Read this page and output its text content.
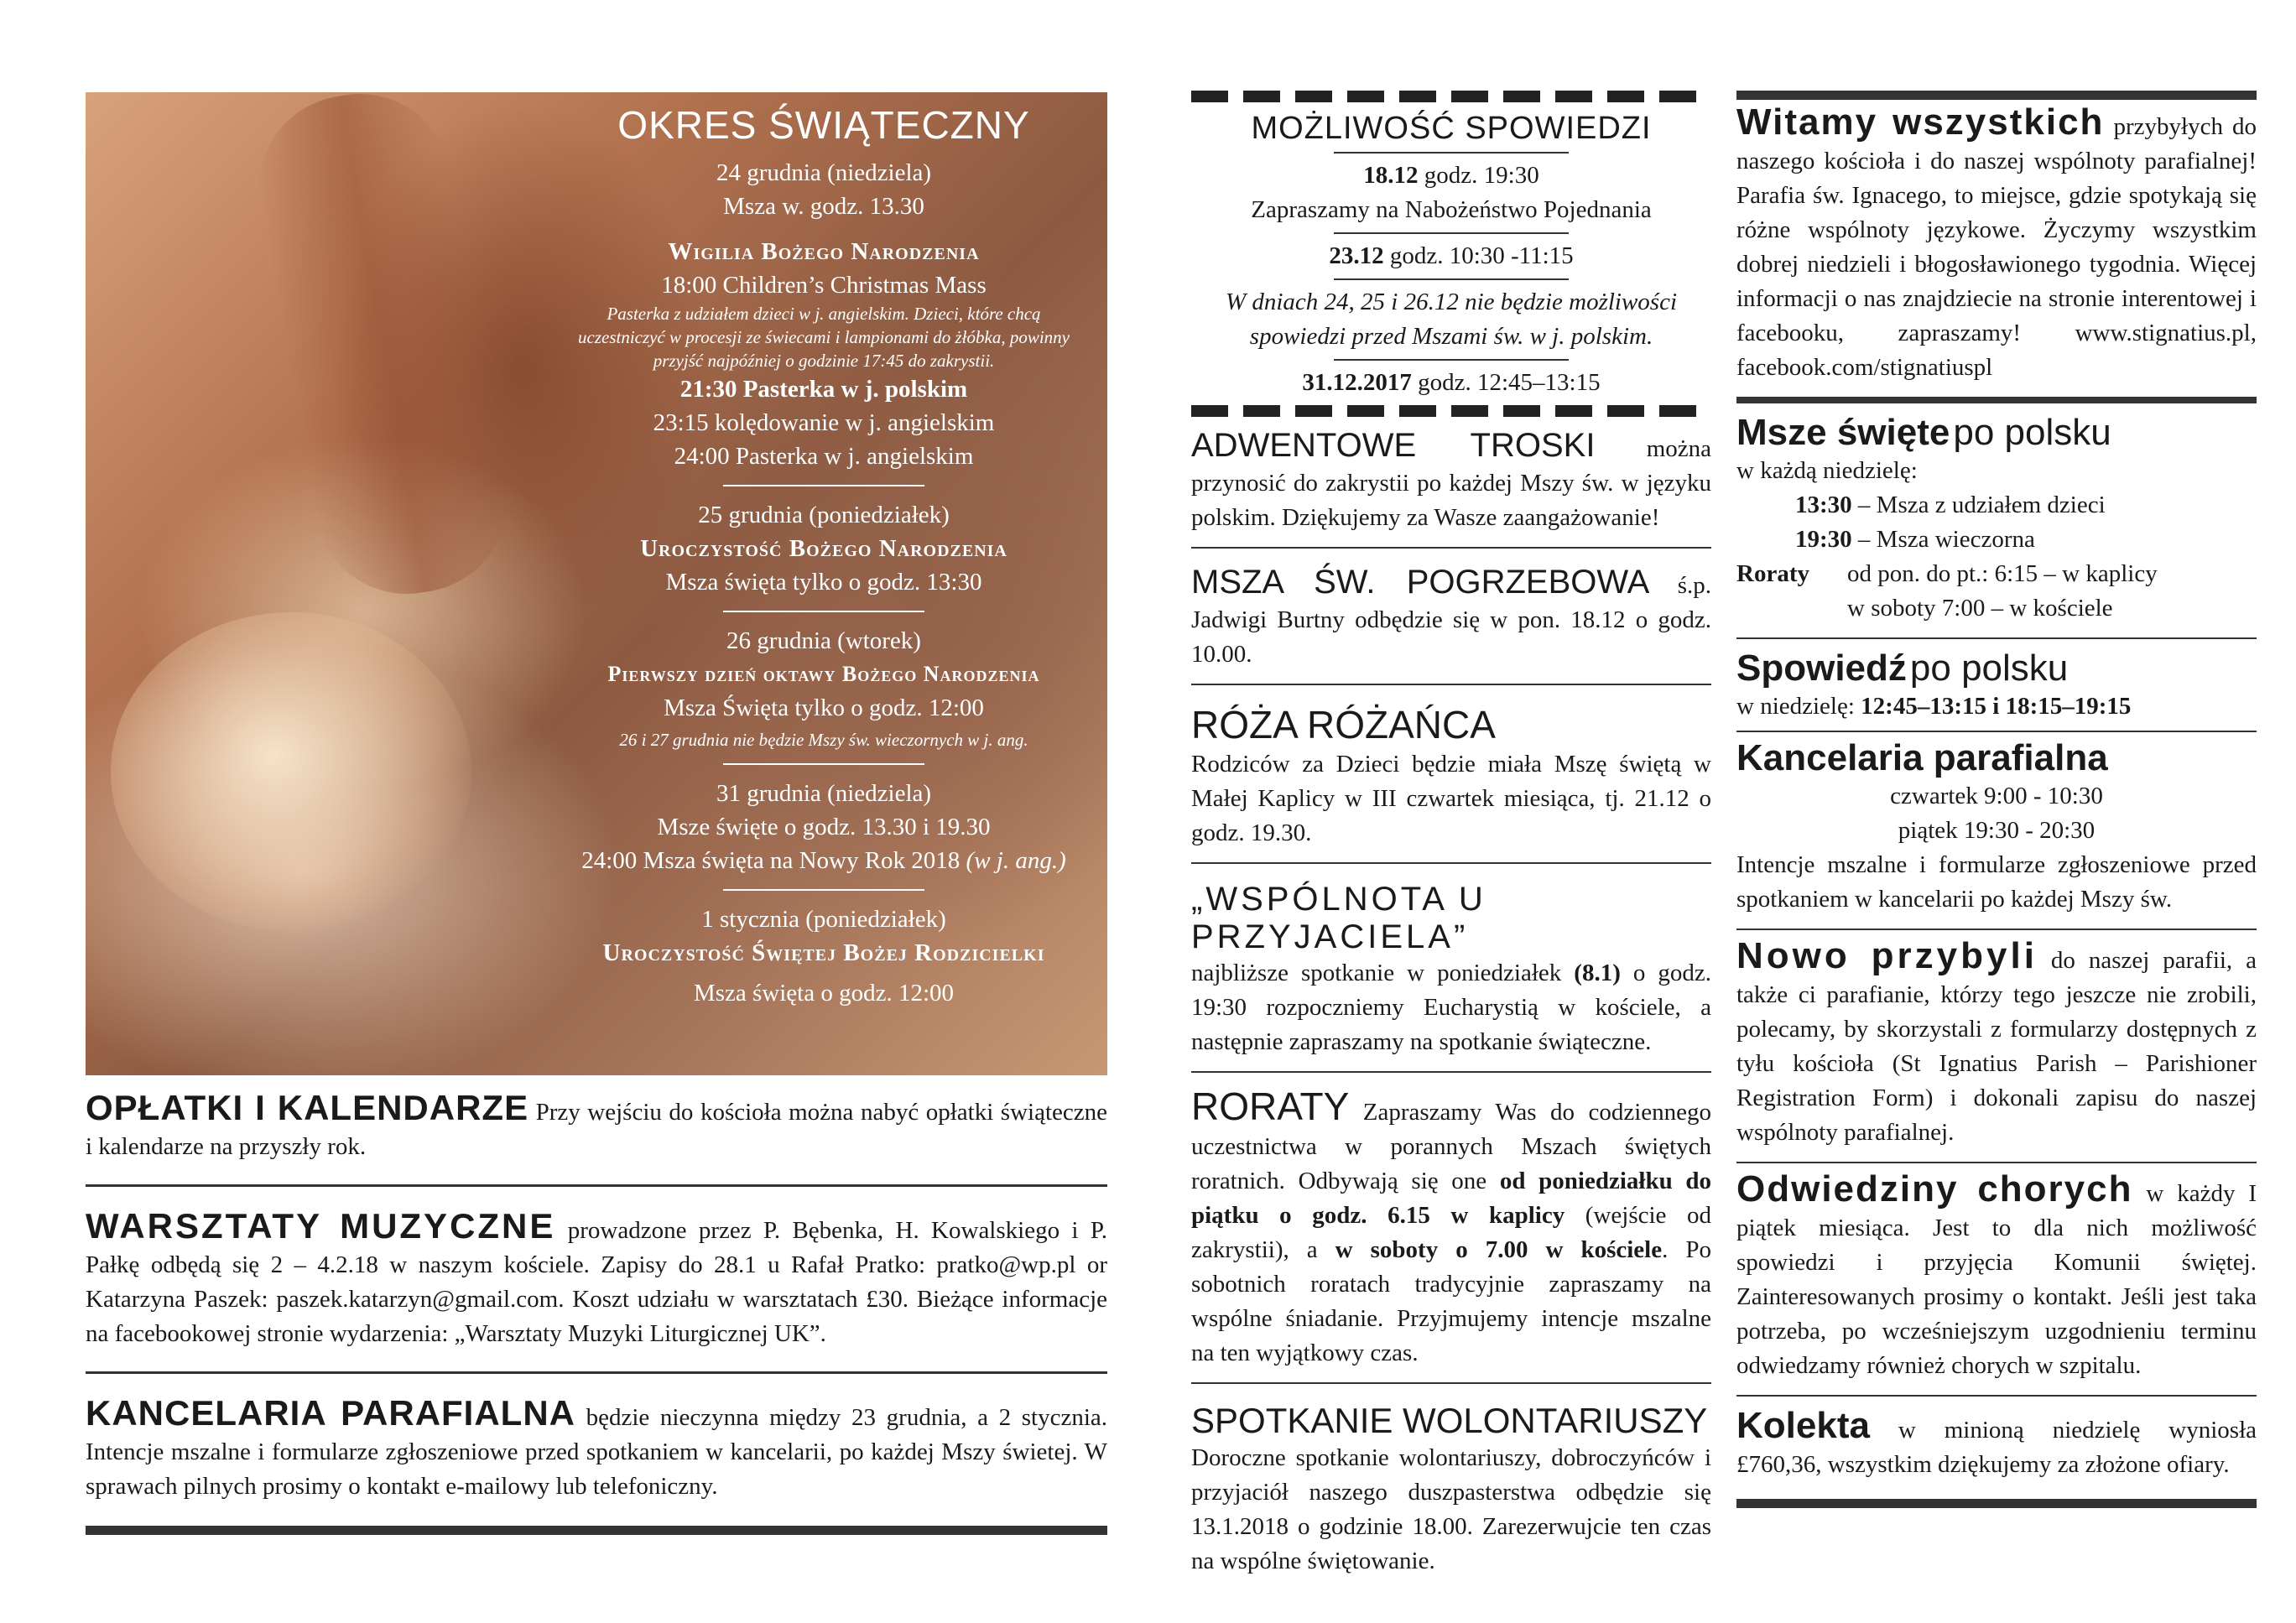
OKRES ŚWIĄTECZNY
24 grudnia (niedziela)
Msza w. godz. 13.30
Wigilia Bożego Narodzenia
18:00 Children’s Christmas Mass
Pasterka z udziałem dzieci w j. angielskim. Dzieci, które chcą uczestniczyć w procesji ze świecami i lampionami do żłóbka, powinny przyjść najpóźniej o godzinie 17:45 do zakrystii.
21:30 Pasterka w j. polskim
23:15 kolędowanie w j. angielskim
24:00 Pasterka w j. angielskim
25 grudnia (poniedziałek)
Uroczystość Bożego Narodzenia
Msza święta tylko o godz. 13:30
26 grudnia (wtorek)
Pierwszy dzień oktawy Bożego Narodzenia
Msza Święta tylko o godz. 12:00
26 i 27 grudnia nie będzie Mszy św. wieczornych w j. ang.
31 grudnia (niedziela)
Msze święte o godz. 13.30 i 19.30
24:00 Msza święta na Nowy Rok 2018 (w j. ang.)
1 stycznia (poniedziałek)
Uroczystość Świętej Bożej Rodzicielki
Msza święta o godz. 12:00
OPŁATKI I KALENDARZE Przy wejściu do kościoła można nabyć opłatki świąteczne i kalendarze na przyszły rok.
WARSZTATY MUZYCZNE prowadzone przez P. Bębenka, H. Kowalskiego i P. Pałkę odbędą się 2 – 4.2.18 w naszym kościele. Zapisy do 28.1 u Rafał Pratko: pratko@wp.pl or Katarzyna Paszek: paszek.katarzyn@gmail.com. Koszt udziału w warsztatach £30. Bieżące informacje na facebookowej stronie wydarzenia: „Warsztaty Muzyki Liturgicznej UK”.
KANCELARIA PARAFIALNA będzie nieczynna między 23 grudnia, a 2 stycznia. Intencje mszalne i formularze zgłoszeniowe przed spotkaniem w kancelarii, po każdej Mszy świetej. W sprawach pilnych prosimy o kontakt e-mailowy lub telefoniczny.
MOŻLIWOŚĆ SPOWIEDZI
18.12 godz. 19:30
Zapraszamy na Nabożeństwo Pojednania
23.12 godz. 10:30 -11:15
W dniach 24, 25 i 26.12 nie będzie możliwości spowiedzi przed Mszami św. w j. polskim.
31.12.2017 godz. 12:45–13:15
ADWENTOWE TROSKI można przynosić do zakrystii po każdej Mszy św. w języku polskim. Dziękujemy za Wasze zaangażowanie!
MSZA ŚW. POGRZEBOWA ś.p. Jadwigi Burtny odbędzie się w pon. 18.12 o godz. 10.00.
RÓŻA RÓŻAŃCA
Rodziców za Dzieci będzie miała Mszę świętą w Małej Kaplicy w III czwartek miesiąca, tj. 21.12 o godz. 19.30.
„WSPÓLNOTA U PRZYJACIELA”
najbliższe spotkanie w poniedziałek (8.1) o godz. 19:30 rozpoczniemy Eucharystią w kościele, a następnie zapraszamy na spotkanie świąteczne.
RORATY Zapraszamy Was do codziennego uczestnictwa w porannych Mszach świętych roratnich. Odbywają się one od poniedziałku do piątku o godz. 6.15 w kaplicy (wejście od zakrystii), a w soboty o 7.00 w kościele. Po sobotnich roratach tradycyjnie zapraszamy na wspólne śniadanie. Przyjmujemy intencje mszalne na ten wyjątkowy czas.
SPOTKANIE WOLONTARIUSZY
Doroczne spotkanie wolontariuszy, dobroczyńców i przyjaciół naszego duszpasterstwa odbędzie się 13.1.2018 o godzinie 18.00. Zarezerwujcie ten czas na wspólne świętowanie.
Witamy wszystkich przybyłych do naszego kościoła i do naszej wspólnoty parafialnej! Parafia św. Ignacego, to miejsce, gdzie spotykają się różne wspólnoty językowe. Życzymy wszystkim dobrej niedzieli i błogosławionego tygodnia. Więcej informacji o nas znajdziecie na stronie interentowej i facebooku, zapraszamy! www.stignatius.pl, facebook.com/stignatiuspl
Msze święte po polsku
w każdą niedzielę:
13:30 – Msza z udziałem dzieci
19:30 – Msza wieczorna
Roraty	od pon. do pt.: 6:15 – w kaplicy
w soboty 7:00 – w kościele
Spowiedź po polsku
w niedzielę: 12:45–13:15 i 18:15–19:15
Kancelaria parafialna
czwartek 9:00 - 10:30
piątek 19:30 - 20:30
Intencje mszalne i formularze zgłoszeniowe przed spotkaniem w kancelarii po każdej Mszy św.
Nowo przybyli do naszej parafii, a także ci parafianie, którzy tego jeszcze nie zrobili, polecamy, by skorzystali z formularzy dostępnych z tyłu kościoła (St Ignatius Parish – Parishioner Registration Form) i dokonali zapisu do naszej wspólnoty parafialnej.
Odwiedziny chorych w każdy I piątek miesiąca. Jest to dla nich możliwość spowiedzi i przyjęcia Komunii świętej. Zainteresowanych prosimy o kontakt. Jeśli jest taka potrzeba, po wcześniejszym uzgodnieniu terminu odwiedzamy również chorych w szpitalu.
Kolekta w minioną niedzielę wyniosła £760,36, wszystkim dziękujemy za złożone ofiary.
